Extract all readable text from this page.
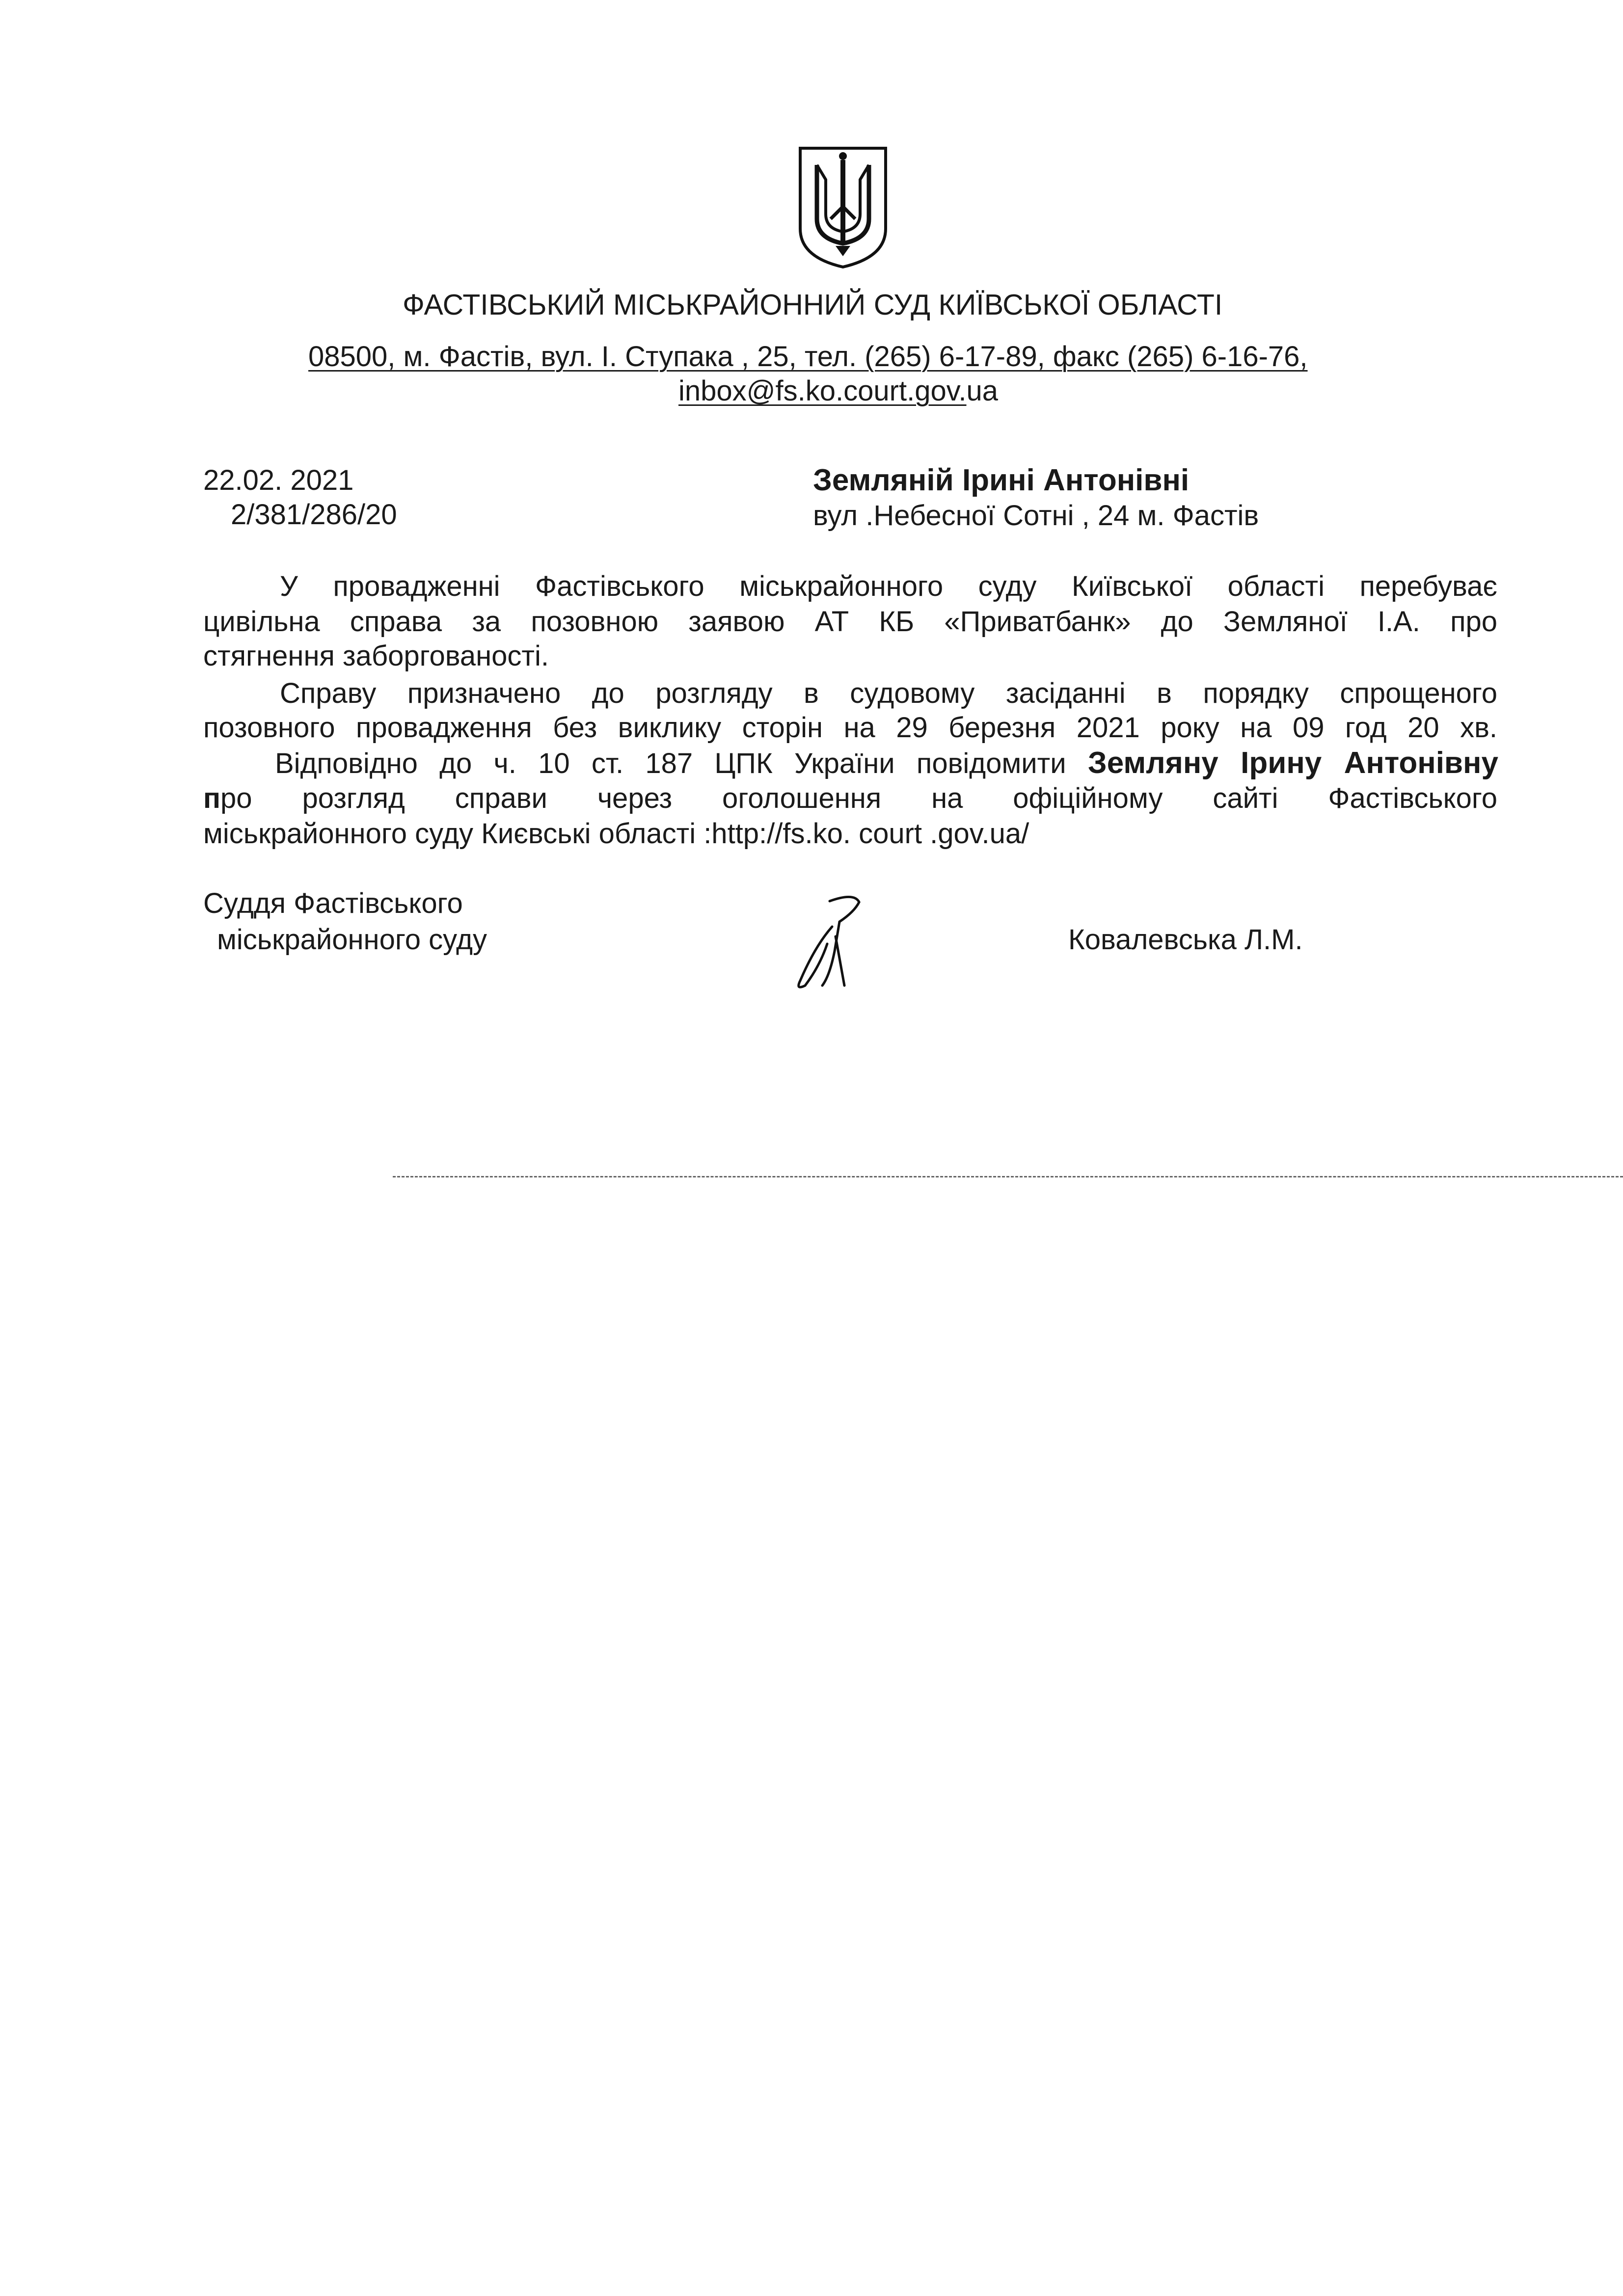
ФАСТІВСЬКИЙ МІСЬКРАЙОННИЙ СУД КИЇВСЬКОЇ ОБЛАСТІ
08500, м. Фастів, вул. І. Ступака , 25, тел. (265) 6-17-89, факс (265) 6-16-76,
inbox@fs.ko.court.gov.ua
22.02. 2021
2/381/286/20
Земляній Ірині Антонівні
вул .Небесної Сотні , 24 м. Фастів
У провадженні Фастівського міськрайонного суду Київської області перебуває
цивільна справа за позовною заявою АТ КБ «Приватбанк» до Земляної І.А. про
стягнення заборгованості.
Справу призначено до розгляду в судовому засіданні в порядку спрощеного
позовного провадження без виклику сторін на 29 березня 2021 року на 09 год 20 хв.
Відповідно до ч. 10 ст. 187 ЦПК України повідомити Землянy Ірину Антонівну
про розгляд справи через оголошення на офіційному сайті Фастівського
міськрайонного суду Києвські області :http://fs.ko. court .gov.ua/
Суддя Фастівського
міськрайонного суду	Ковалевська Л.М.
